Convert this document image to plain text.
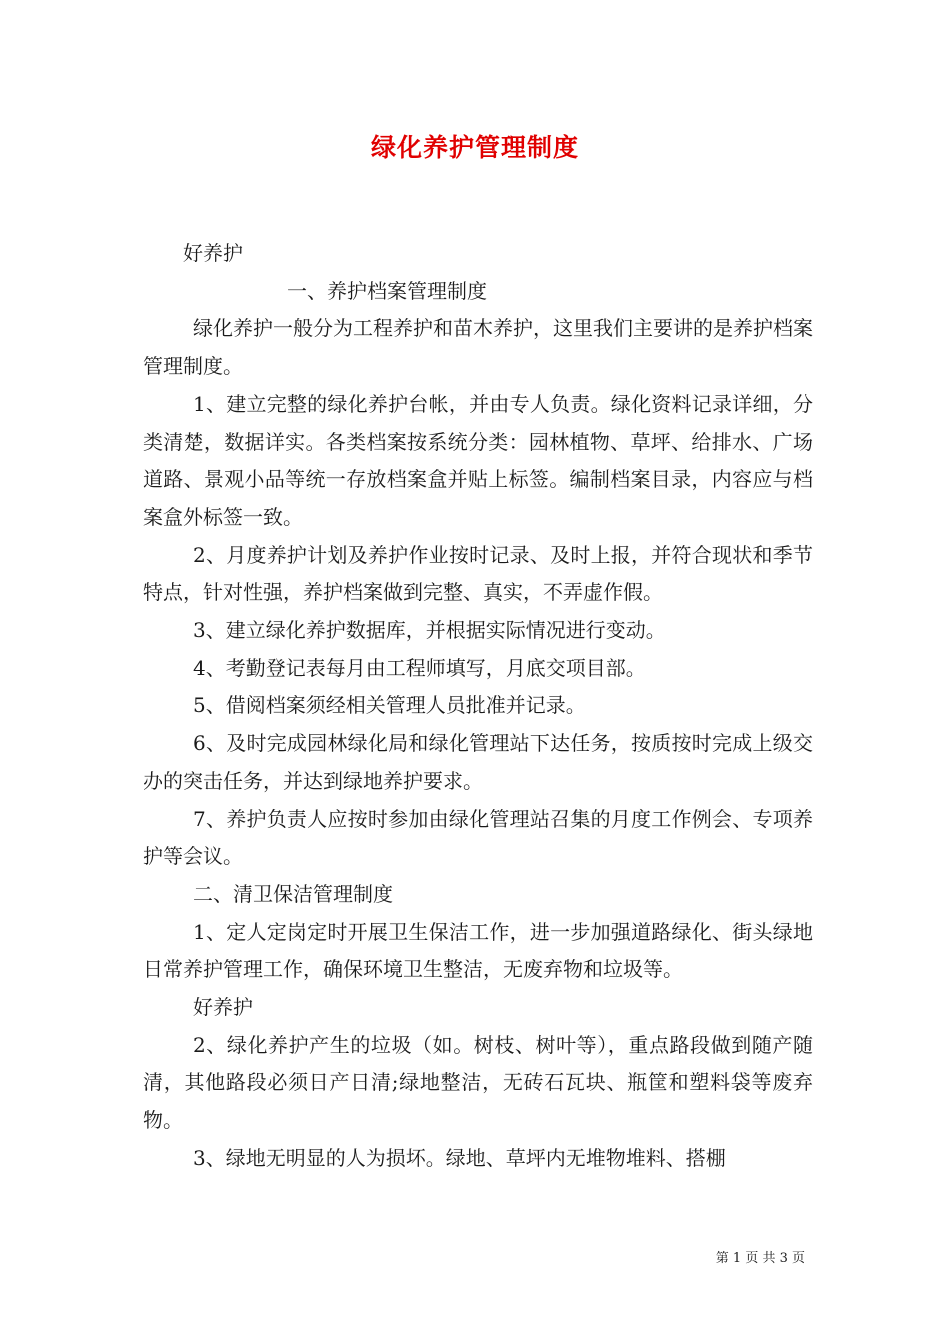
绿化养护管理制度

好养护

一、养护档案管理制度

绿化养护一般分为工程养护和苗木养护，这里我们主要讲的是养护档案管理制度。

1、建立完整的绿化养护台帐，并由专人负责。绿化资料记录详细，分类清楚，数据详实。各类档案按系统分类：园林植物、草坪、给排水、广场道路、景观小品等统一存放档案盒并贴上标签。编制档案目录，内容应与档案盒外标签一致。

2、月度养护计划及养护作业按时记录、及时上报，并符合现状和季节特点，针对性强，养护档案做到完整、真实，不弄虚作假。

3、建立绿化养护数据库，并根据实际情况进行变动。

4、考勤登记表每月由工程师填写，月底交项目部。

5、借阅档案须经相关管理人员批准并记录。

6、及时完成园林绿化局和绿化管理站下达任务，按质按时完成上级交办的突击任务，并达到绿地养护要求。

7、养护负责人应按时参加由绿化管理站召集的月度工作例会、专项养护等会议。

二、清卫保洁管理制度

1、定人定岗定时开展卫生保洁工作，进一步加强道路绿化、街头绿地日常养护管理工作，确保环境卫生整洁，无废弃物和垃圾等。

好养护

2、绿化养护产生的垃圾（如。树枝、树叶等），重点路段做到随产随清，其他路段必须日产日清;绿地整洁，无砖石瓦块、瓶筐和塑料袋等废弃物。

3、绿地无明显的人为损坏。绿地、草坪内无堆物堆料、搭棚

第 1 页 共 3 页
